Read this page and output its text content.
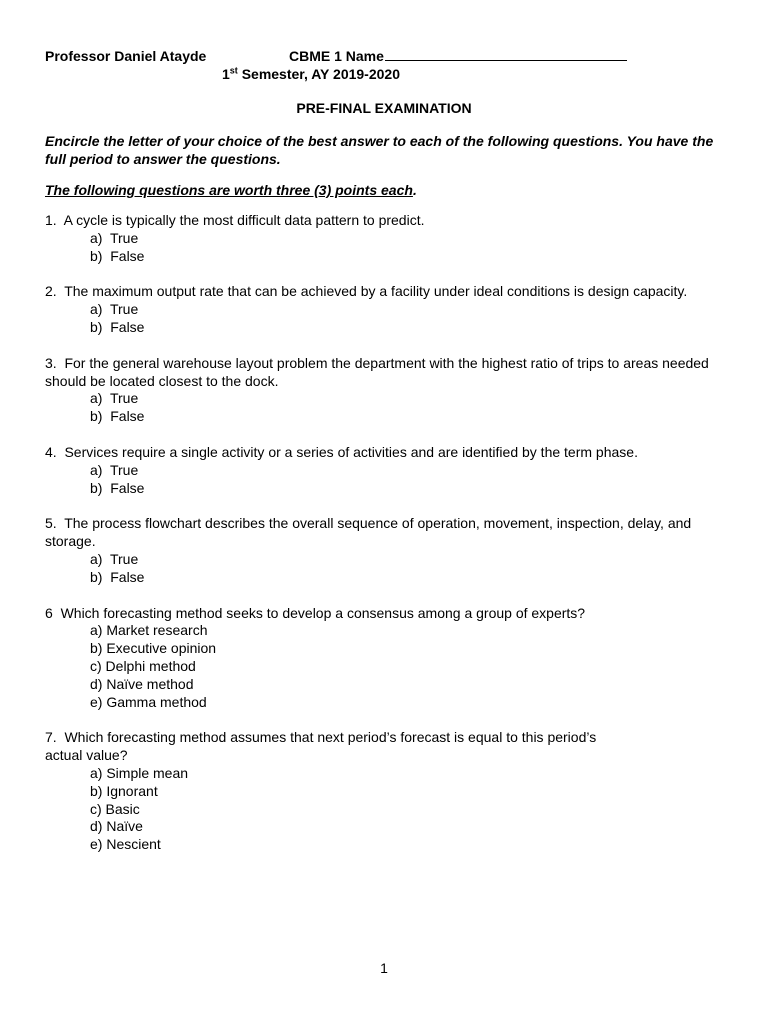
Professor Daniel Atayde	CBME 1 Name
1st Semester, AY 2019-2020
PRE-FINAL EXAMINATION
Encircle the letter of your choice of the best answer to each of the following questions. You have the full period to answer the questions.
The following questions are worth three (3) points each.

1.  A cycle is typically the most difficult data pattern to predict.

a)  True
b)  False

2.  The maximum output rate that can be achieved by a facility under ideal conditions is design capacity.

a)  True
b)  False

3.  For the general warehouse layout problem the department with the highest ratio of trips to areas needed should be located closest to the dock.

a)  True
b)  False

4.  Services require a single activity or a series of activities and are identified by the term phase.

a)  True
b)  False

5.  The process flowchart describes the overall sequence of operation, movement, inspection, delay, and storage.

a)  True
b)  False

6  Which forecasting method seeks to develop a consensus among a group of experts?

a) Market research
b) Executive opinion
c) Delphi method
d) Naïve method
e) Gamma method

7.  Which forecasting method assumes that next period’s forecast is equal to this period’s

actual value?

a) Simple mean
b) Ignorant
c) Basic
d) Naïve
e) Nescient
1
